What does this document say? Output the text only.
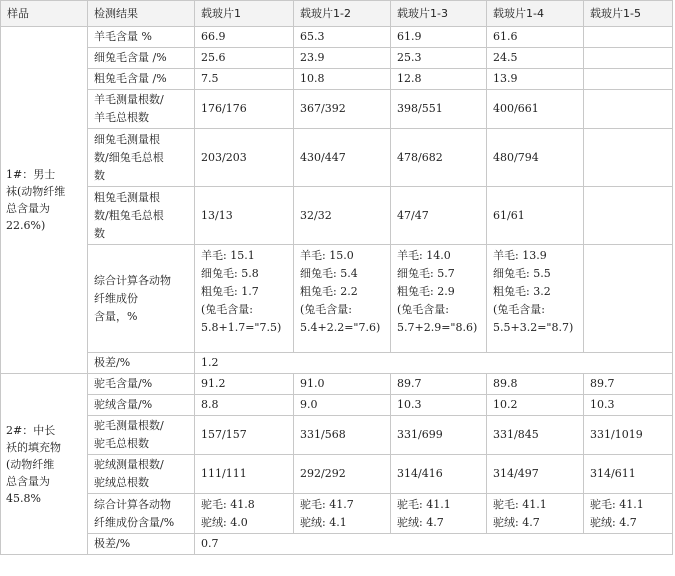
样品	检测结果	载玻片1	载玻片1-2	载玻片1-3	载玻片1-4	载玻片1-5

1#：男士
袜(动物纤维
总含量为
22.6%)	羊毛含量 %	66.9	65.3	61.9	61.6	

	细兔毛含量 /%	25.6	23.9	25.3	24.5	

	粗兔毛含量 /%	7.5	10.8	12.8	13.9	

	羊毛测量根数/
羊毛总根数	176/176	367/392	398/551	400/661	

	细兔毛测量根
数/细兔毛总根
数	203/203	430/447	478/682	480/794	

	粗兔毛测量根
数/粗兔毛总根
数	13/13	32/32	47/47	61/61	

	综合计算各动物
纤维成份
含量，%	羊毛: 15.1
细兔毛: 5.8
粗兔毛: 1.7
(兔毛含量:
5.8+1.7="7.5)	羊毛: 15.0
细兔毛: 5.4
粗兔毛: 2.2
(兔毛含量:
5.4+2.2="7.6)	羊毛: 14.0
细兔毛: 5.7
粗兔毛: 2.9
(兔毛含量:
5.7+2.9="8.6)	羊毛: 13.9
细兔毛: 5.5
粗兔毛: 3.2
(兔毛含量:
5.5+3.2="8.7)	

	极差/%	1.2				

2#：中长
袄的填充物
(动物纤维
总含量为
45.8%	驼毛含量/%	91.2	91.0	89.7	89.8	89.7

	驼绒含量/%	8.8	9.0	10.3	10.2	10.3

	驼毛测量根数/
驼毛总根数	157/157	331/568	331/699	331/845	331/1019

	驼绒测量根数/
驼绒总根数	111/111	292/292	314/416	314/497	314/611

	综合计算各动物
纤维成份含量/%	驼毛: 41.8
驼绒: 4.0	驼毛: 41.7
驼绒: 4.1	驼毛: 41.1
驼绒: 4.7	驼毛: 41.1
驼绒: 4.7	驼毛: 41.1
驼绒: 4.7

	极差/%	0.7				
